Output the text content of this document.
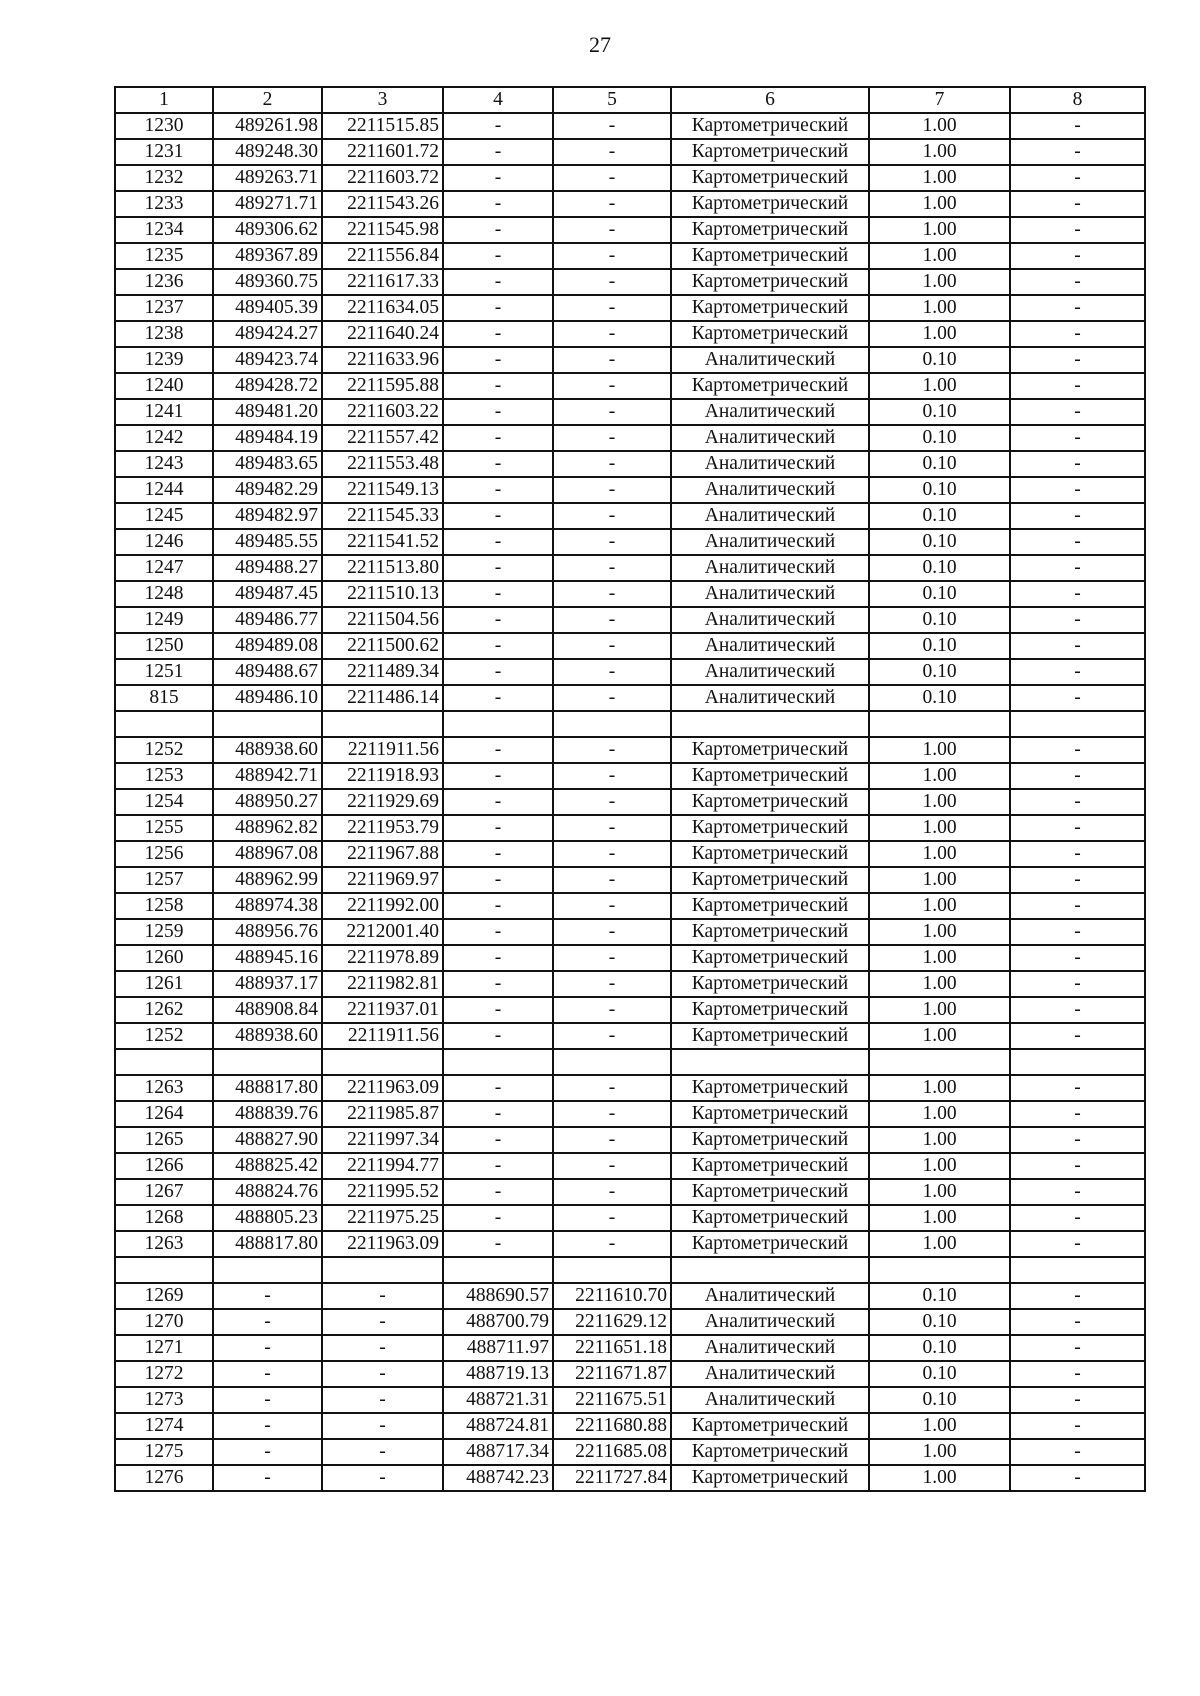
27
1	2	3	4	5	6	7	8
1230	489261.98	2211515.85	-	-	Картометрический	1.00	-
1231	489248.30	2211601.72	-	-	Картометрический	1.00	-
1232	489263.71	2211603.72	-	-	Картометрический	1.00	-
1233	489271.71	2211543.26	-	-	Картометрический	1.00	-
1234	489306.62	2211545.98	-	-	Картометрический	1.00	-
1235	489367.89	2211556.84	-	-	Картометрический	1.00	-
1236	489360.75	2211617.33	-	-	Картометрический	1.00	-
1237	489405.39	2211634.05	-	-	Картометрический	1.00	-
1238	489424.27	2211640.24	-	-	Картометрический	1.00	-
1239	489423.74	2211633.96	-	-	Аналитический	0.10	-
1240	489428.72	2211595.88	-	-	Картометрический	1.00	-
1241	489481.20	2211603.22	-	-	Аналитический	0.10	-
1242	489484.19	2211557.42	-	-	Аналитический	0.10	-
1243	489483.65	2211553.48	-	-	Аналитический	0.10	-
1244	489482.29	2211549.13	-	-	Аналитический	0.10	-
1245	489482.97	2211545.33	-	-	Аналитический	0.10	-
1246	489485.55	2211541.52	-	-	Аналитический	0.10	-
1247	489488.27	2211513.80	-	-	Аналитический	0.10	-
1248	489487.45	2211510.13	-	-	Аналитический	0.10	-
1249	489486.77	2211504.56	-	-	Аналитический	0.10	-
1250	489489.08	2211500.62	-	-	Аналитический	0.10	-
1251	489488.67	2211489.34	-	-	Аналитический	0.10	-
815	489486.10	2211486.14	-	-	Аналитический	0.10	-

1252	488938.60	2211911.56	-	-	Картометрический	1.00	-
1253	488942.71	2211918.93	-	-	Картометрический	1.00	-
1254	488950.27	2211929.69	-	-	Картометрический	1.00	-
1255	488962.82	2211953.79	-	-	Картометрический	1.00	-
1256	488967.08	2211967.88	-	-	Картометрический	1.00	-
1257	488962.99	2211969.97	-	-	Картометрический	1.00	-
1258	488974.38	2211992.00	-	-	Картометрический	1.00	-
1259	488956.76	2212001.40	-	-	Картометрический	1.00	-
1260	488945.16	2211978.89	-	-	Картометрический	1.00	-
1261	488937.17	2211982.81	-	-	Картометрический	1.00	-
1262	488908.84	2211937.01	-	-	Картометрический	1.00	-
1252	488938.60	2211911.56	-	-	Картометрический	1.00	-

1263	488817.80	2211963.09	-	-	Картометрический	1.00	-
1264	488839.76	2211985.87	-	-	Картометрический	1.00	-
1265	488827.90	2211997.34	-	-	Картометрический	1.00	-
1266	488825.42	2211994.77	-	-	Картометрический	1.00	-
1267	488824.76	2211995.52	-	-	Картометрический	1.00	-
1268	488805.23	2211975.25	-	-	Картометрический	1.00	-
1263	488817.80	2211963.09	-	-	Картометрический	1.00	-

1269	-	-	488690.57	2211610.70	Аналитический	0.10	-
1270	-	-	488700.79	2211629.12	Аналитический	0.10	-
1271	-	-	488711.97	2211651.18	Аналитический	0.10	-
1272	-	-	488719.13	2211671.87	Аналитический	0.10	-
1273	-	-	488721.31	2211675.51	Аналитический	0.10	-
1274	-	-	488724.81	2211680.88	Картометрический	1.00	-
1275	-	-	488717.34	2211685.08	Картометрический	1.00	-
1276	-	-	488742.23	2211727.84	Картометрический	1.00	-
